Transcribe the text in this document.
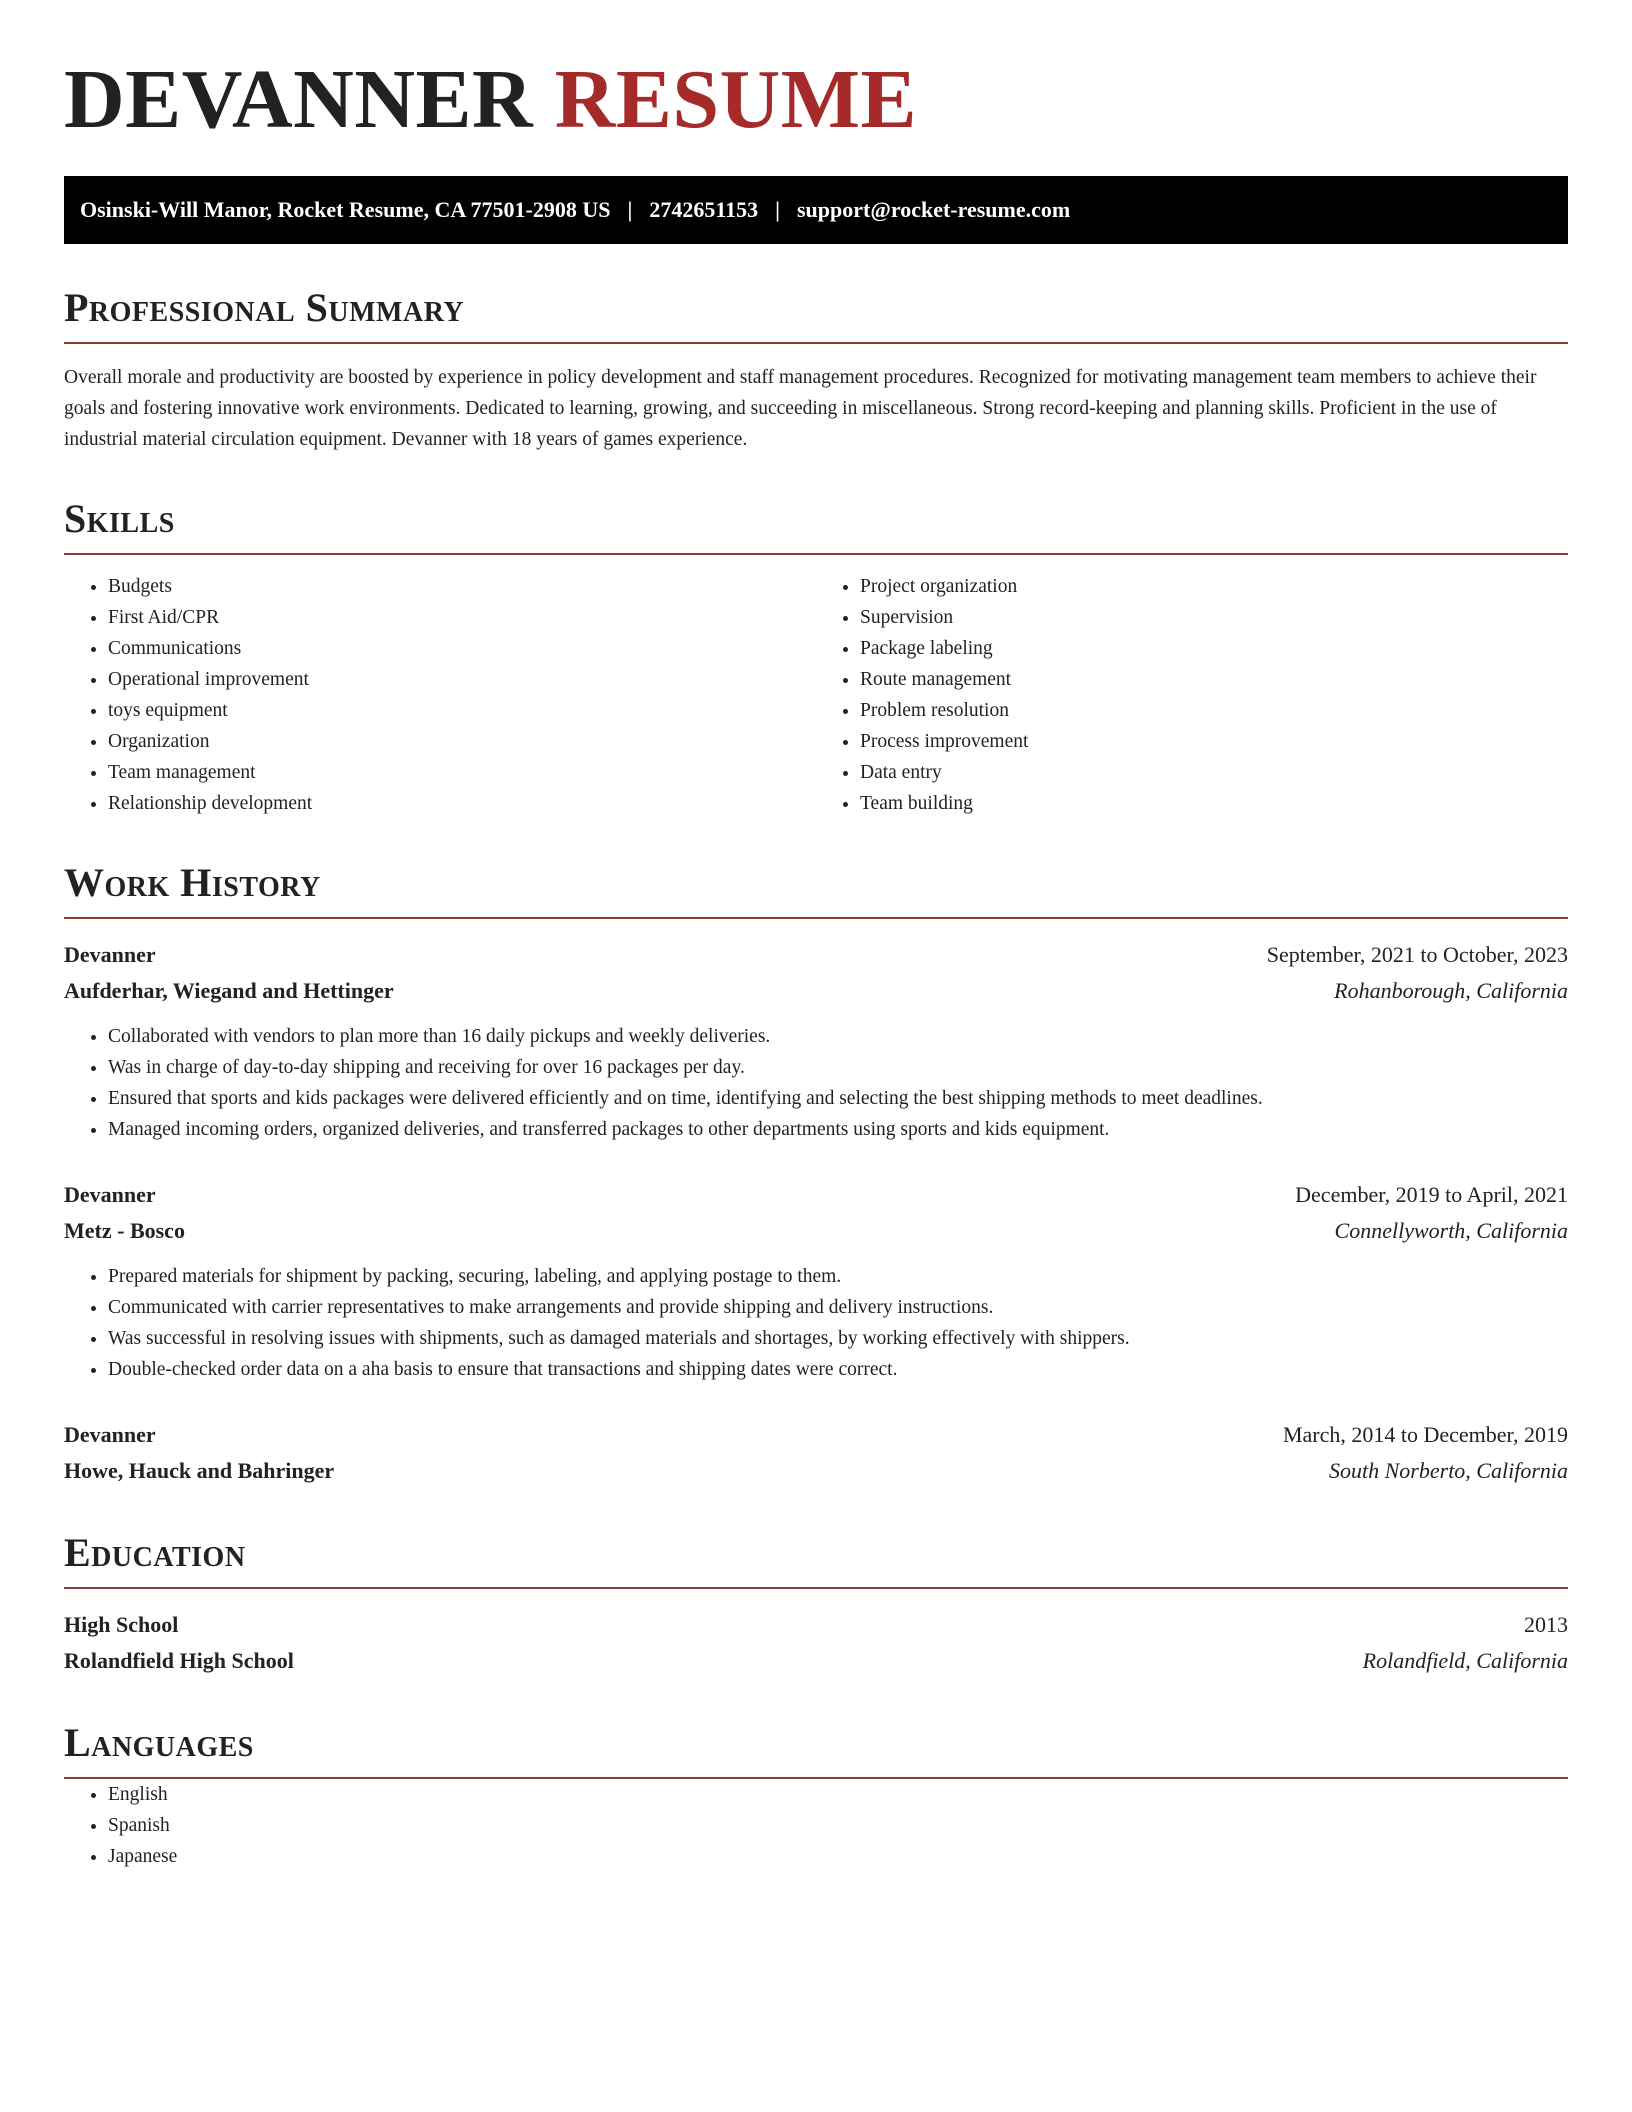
DEVANNER RESUME
Osinski-Will Manor, Rocket Resume, CA 77501-2908 US | 2742651153 | support@rocket-resume.com
Professional Summary

Overall morale and productivity are boosted by experience in policy development and staff management procedures. Recognized for motivating management team members to achieve their goals and fostering innovative work environments. Dedicated to learning, growing, and succeeding in miscellaneous. Strong record-keeping and planning skills. Proficient in the use of industrial material circulation equipment. Devanner with 18 years of games experience.

Skills
• Budgets
• First Aid/CPR
• Communications
• Operational improvement
• toys equipment
• Organization
• Team management
• Relationship development
• Project organization
• Supervision
• Package labeling
• Route management
• Problem resolution
• Process improvement
• Data entry
• Team building
Work History
Devanner	September, 2021 to October, 2023
Aufderhar, Wiegand and Hettinger	Rohanborough, California
• Collaborated with vendors to plan more than 16 daily pickups and weekly deliveries.
• Was in charge of day-to-day shipping and receiving for over 16 packages per day.
• Ensured that sports and kids packages were delivered efficiently and on time, identifying and selecting the best shipping methods to meet deadlines.
• Managed incoming orders, organized deliveries, and transferred packages to other departments using sports and kids equipment.
Devanner	December, 2019 to April, 2021
Metz - Bosco	Connellyworth, California
• Prepared materials for shipment by packing, securing, labeling, and applying postage to them.
• Communicated with carrier representatives to make arrangements and provide shipping and delivery instructions.
• Was successful in resolving issues with shipments, such as damaged materials and shortages, by working effectively with shippers.
• Double-checked order data on a aha basis to ensure that transactions and shipping dates were correct.
Devanner	March, 2014 to December, 2019
Howe, Hauck and Bahringer	South Norberto, California
Education
High School	2013
Rolandfield High School	Rolandfield, California
Languages
• English
• Spanish
• Japanese
